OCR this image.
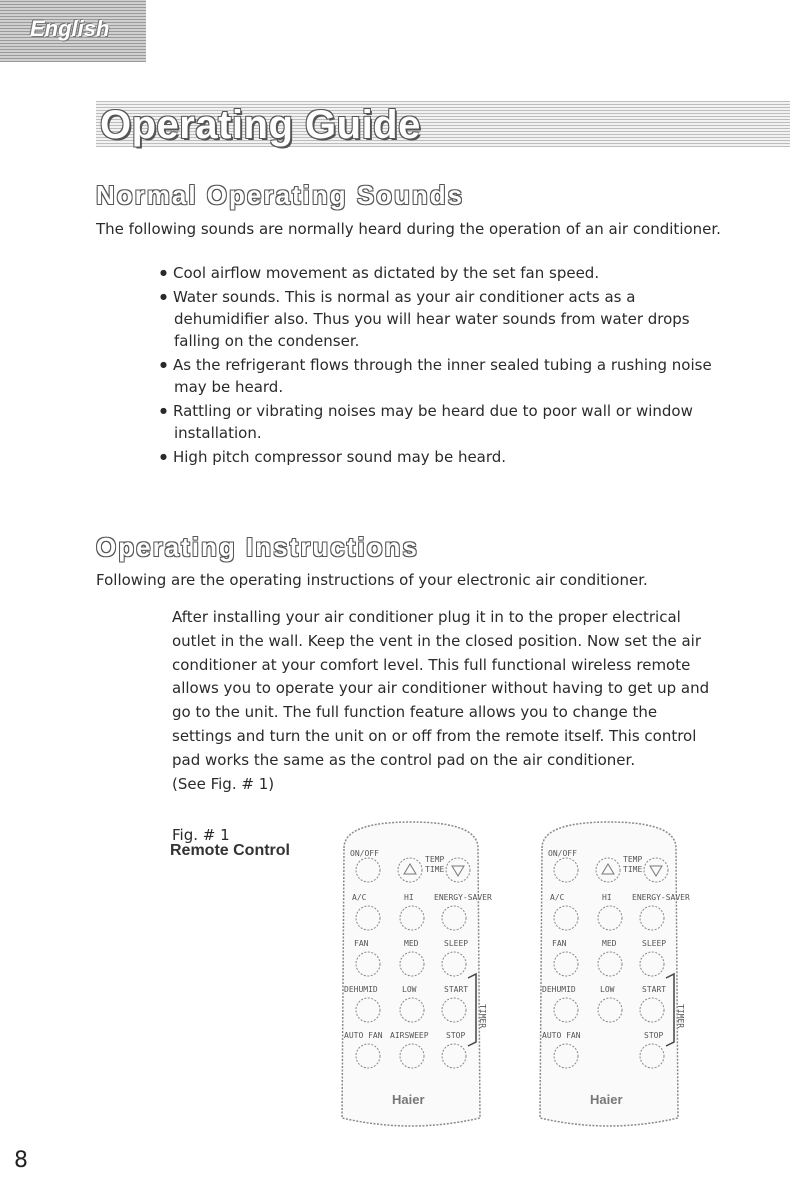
English
Operating Guide
Normal Operating Sounds
The following sounds are normally heard during the operation of an air conditioner.
● Cool airflow movement as dictated by the set fan speed.
● Water sounds. This is normal as your air conditioner acts as a dehumidifier also. Thus you will hear water sounds from water drops falling on the condenser.
● As the refrigerant flows through the inner sealed tubing a rushing noise may be heard.
● Rattling or vibrating noises may be heard due to poor wall or window installation.
● High pitch compressor sound may be heard.
Operating Instructions
Following are the operating instructions of your electronic air conditioner.

After installing your air conditioner plug it in to the proper electrical outlet in the wall. Keep the vent in the closed position. Now set the air conditioner at your comfort level. This full functional wireless remote allows you to operate your air conditioner without having to get up and go to the unit. The full function feature allows you to change the settings and turn the unit on or off from the remote itself. This control pad works the same as the control pad on the air conditioner.

(See Fig. # 1)

Fig. # 1
Remote Control	ON/OFF
TEMP
TIME
A/C	HI	ENERGY-SAVER
FAN	MED	SLEEP
DEHUMID	LOW	START
AUTO FAN AIRSWEEP STOP
TIMER
Haier
ON/OFF
TEMP
TIME
A/C	HI	ENERGY-SAVER
FAN	MED	SLEEP
DEHUMID	LOW	START
AUTO FAN	STOP
TIMER
Haier
8
